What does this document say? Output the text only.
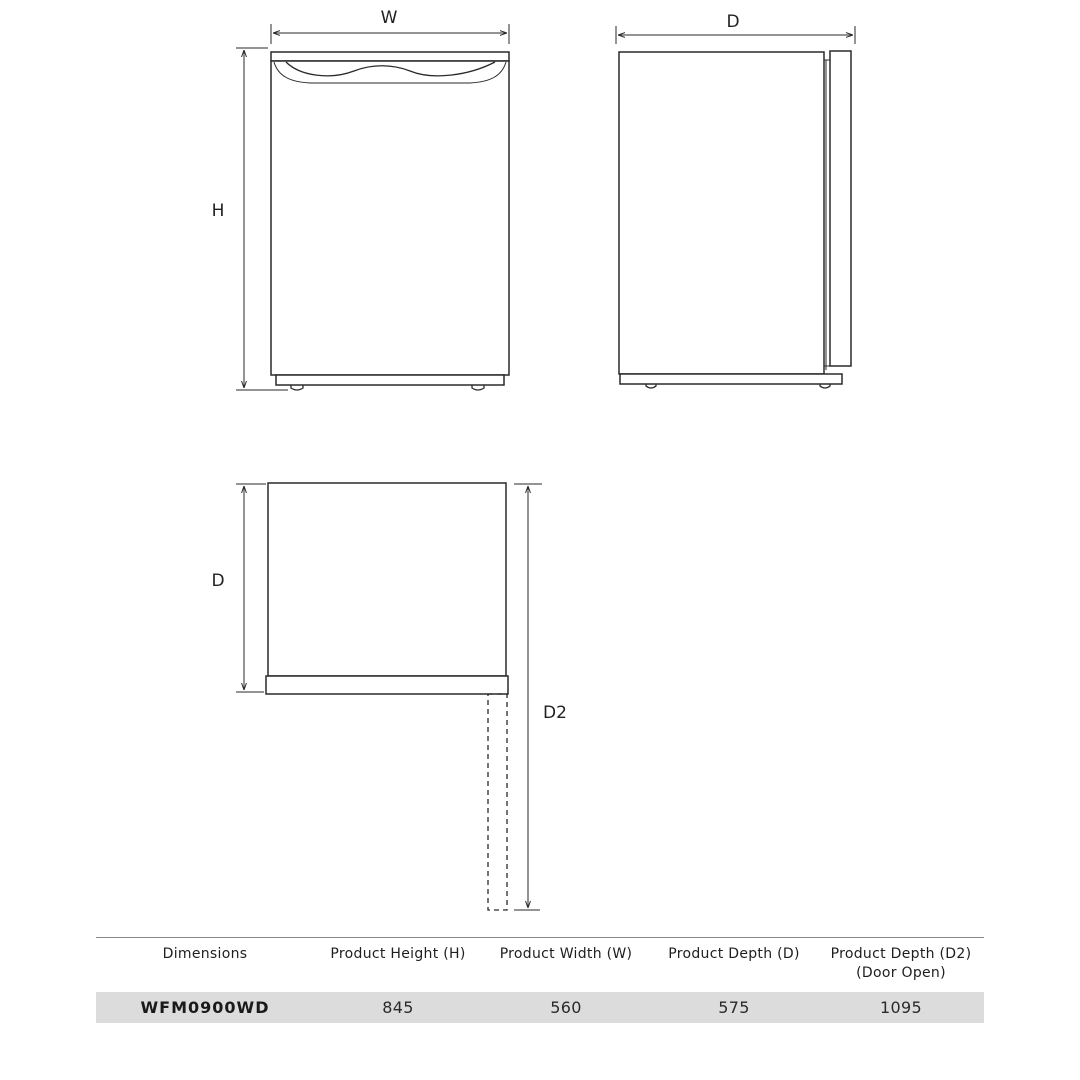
W
H
D
D
D2
Dimensions	Product Height (H)	Product Width (W)	Product Depth (D)	Product Depth (D2)
(Door Open)

WFM0900WD	845	560	575	1095
